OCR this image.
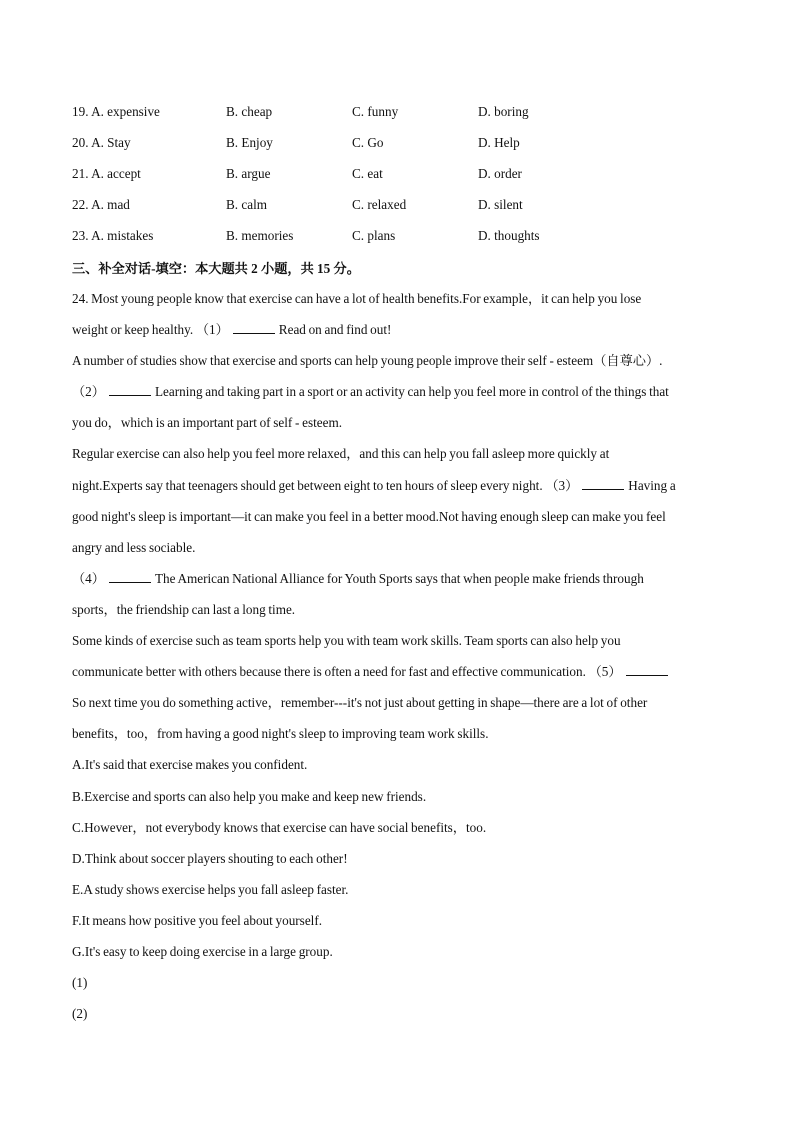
19. A. expensive	B. cheap	C. funny	D. boring
20. A. Stay	B. Enjoy	C. Go	D. Help
21. A. accept	B. argue	C. eat	D. order
22. A. mad	B. calm	C. relaxed	D. silent
23. A. mistakes	B. memories	C. plans	D. thoughts
三、补全对话-填空：本大题共 2 小题，共 15 分。
24. Most young people know that exercise can have a lot of health benefits.For example，it can help you lose
weight or keep healthy. （1）	Read on and find out!
A number of studies show that exercise and sports can help young people improve their self - esteem（自尊心）.
（2）	Learning and taking part in a sport or an activity can help you feel more in control of the things that
you do，which is an important part of self - esteem.
Regular exercise can also help you feel more relaxed，and this can help you fall asleep more quickly at
night.Experts say that teenagers should get between eight to ten hours of sleep every night. （3）	Having a
good night's sleep is important—it can make you feel in a better mood.Not having enough sleep can make you feel
angry and less sociable.
（4）	The American National Alliance for Youth Sports says that when people make friends through
sports，the friendship can last a long time.
Some kinds of exercise such as team sports help you with team work skills. Team sports can also help you
communicate better with others because there is often a need for fast and effective communication. （5）
So next time you do something active，remember---it's not just about getting in shape—there are a lot of other
benefits，too，from having a good night's sleep to improving team work skills.
A.It's said that exercise makes you confident.
B.Exercise and sports can also help you make and keep new friends.
C.However，not everybody knows that exercise can have social benefits，too.
D.Think about soccer players shouting to each other!
E.A study shows exercise helps you fall asleep faster.
F.It means how positive you feel about yourself.
G.It's easy to keep doing exercise in a large group.
(1)
(2)
